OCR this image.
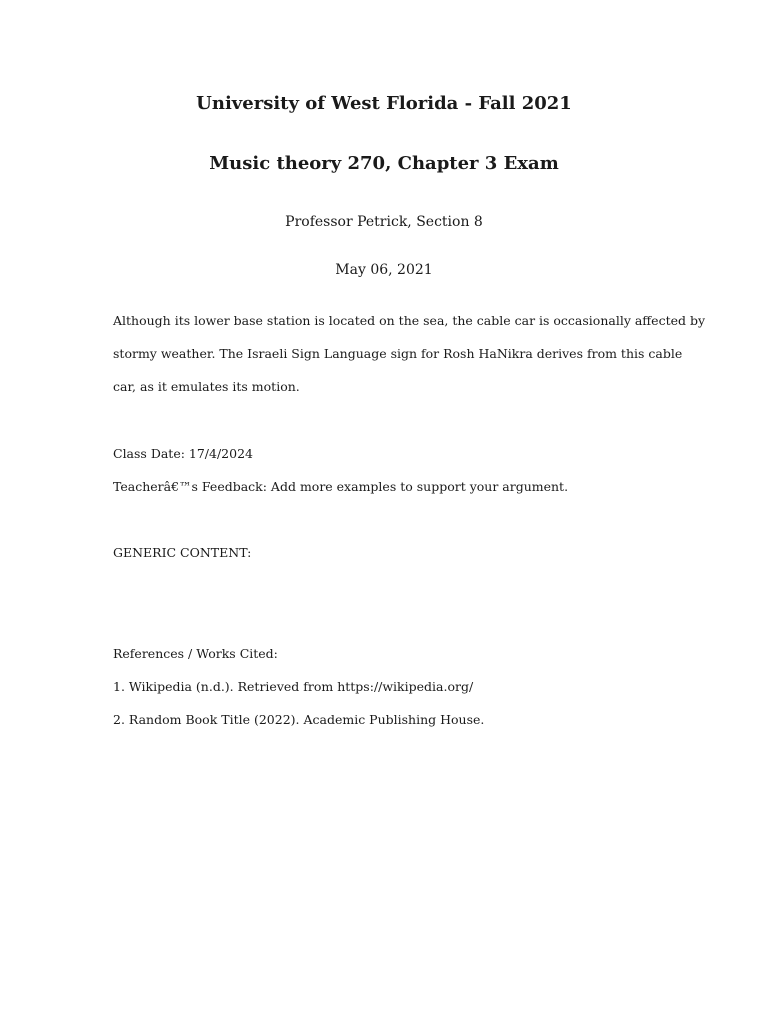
University of West Florida - Fall 2021
Music theory 270, Chapter 3 Exam
Professor Petrick, Section 8
May 06, 2021
Although its lower base station is located on the sea, the cable car is occasionally affected by
stormy weather. The Israeli Sign Language sign for Rosh HaNikra derives from this cable
car, as it emulates its motion.
Class Date: 17/4/2024
Teacherâ€™s Feedback: Add more examples to support your argument.
GENERIC CONTENT:
References / Works Cited:
1. Wikipedia (n.d.). Retrieved from https://wikipedia.org/
2. Random Book Title (2022). Academic Publishing House.
